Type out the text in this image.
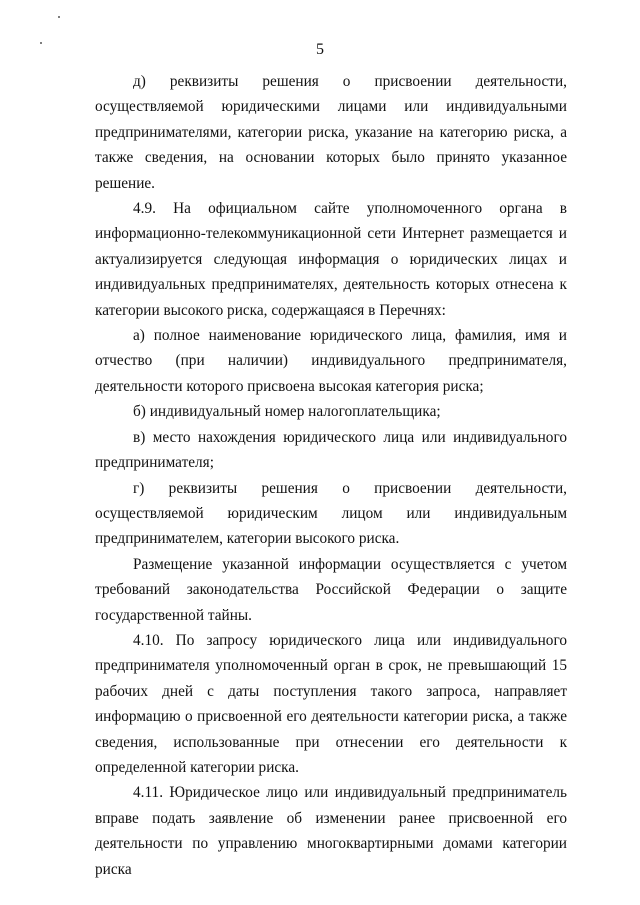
5

д) реквизиты решения о присвоении деятельности, осуществляемой юридическими лицами или индивидуальными предпринимателями, категории риска, указание на категорию риска, а также сведения, на основании которых было принято указанное решение.

4.9. На официальном сайте уполномоченного органа в информационно-телекоммуникационной сети Интернет размещается и актуализируется следующая информация о юридических лицах и индивидуальных предпринимателях, деятельность которых отнесена к категории высокого риска, содержащаяся в Перечнях:

а) полное наименование юридического лица, фамилия, имя и отчество (при наличии) индивидуального предпринимателя, деятельности которого присвоена высокая категория риска;

б) индивидуальный номер налогоплательщика;

в) место нахождения юридического лица или индивидуального предпринимателя;

г) реквизиты решения о присвоении деятельности, осуществляемой юридическим лицом или индивидуальным предпринимателем, категории высокого риска.

Размещение указанной информации осуществляется с учетом требований законодательства Российской Федерации о защите государственной тайны.

4.10. По запросу юридического лица или индивидуального предпринимателя уполномоченный орган в срок, не превышающий 15 рабочих дней с даты поступления такого запроса, направляет информацию о присвоенной его деятельности категории риска, а также сведения, использованные при отнесении его деятельности к определенной категории риска.

4.11. Юридическое лицо или индивидуальный предприниматель вправе подать заявление об изменении ранее присвоенной его деятельности по управлению многоквартирными домами категории риска
